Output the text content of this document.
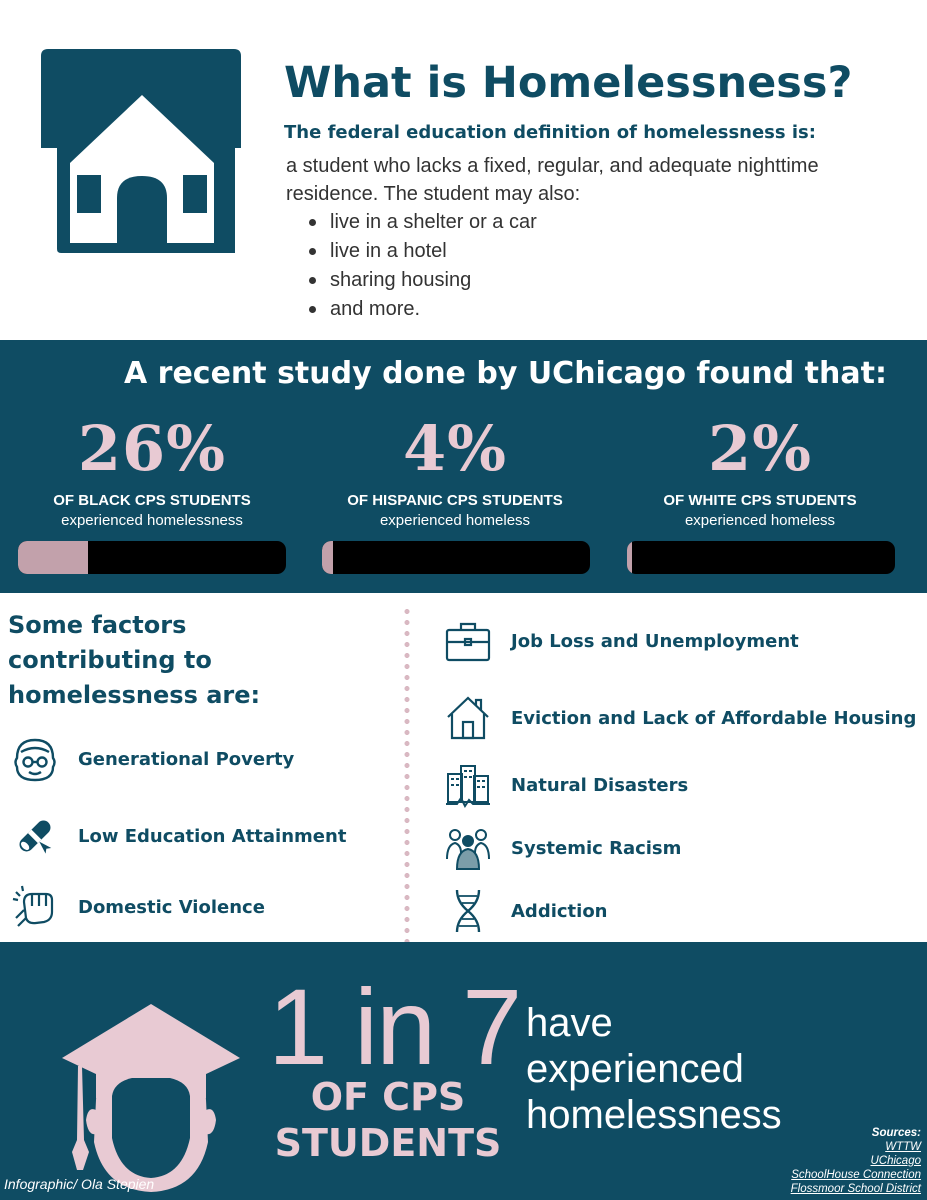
What is Homelessness?
The federal education definition of homelessness is:
a student who lacks a fixed, regular, and adequate nighttime residence. The student may also:
live in a shelter or a car
live in a hotel
sharing housing
and more.
A recent study done by UChicago found that:
26%
OF BLACK CPS STUDENTS
experienced homelessness
4%
OF HISPANIC CPS STUDENTS
experienced homeless
2%
OF WHITE CPS STUDENTS
experienced homeless
Some factors contributing to homelessness are:
Generational Poverty
Low Education Attainment
Domestic Violence
Job Loss and Unemployment
Eviction and Lack of Affordable Housing
Natural Disasters
Systemic Racism
Addiction
1 in 7
OF CPS
STUDENTS
have experienced homelessness
Infographic/ Ola Stepien
Sources:
WTTW
UChicago
SchoolHouse Connection
Flossmoor School District
